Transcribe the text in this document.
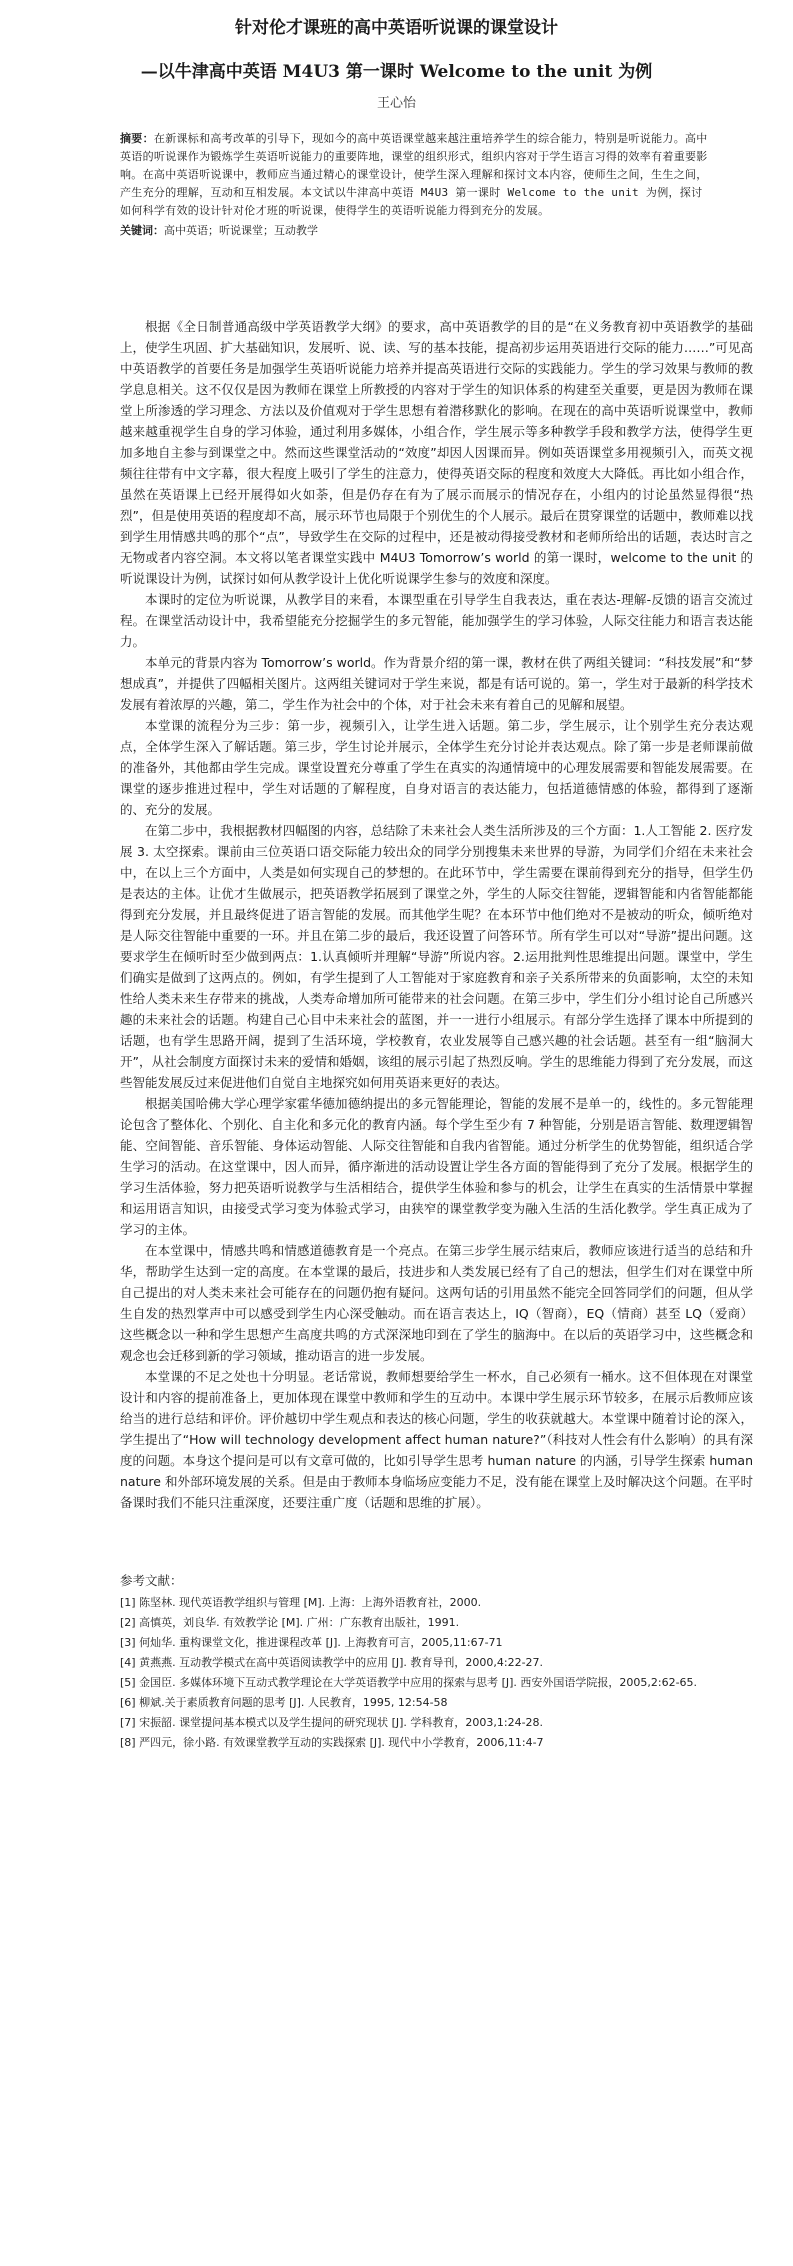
针对伦才课班的高中英语听说课的课堂设计
—以牛津高中英语 M4U3 第一课时 Welcome to the unit 为例
王心怡
摘要：在新课标和高考改革的引导下，现如今的高中英语课堂越来越注重培养学生的综合能力，特别是听说能力。高中英语的听说课作为锻炼学生英语听说能力的重要阵地，课堂的组织形式，组织内容对于学生语言习得的效率有着重要影响。在高中英语听说课中，教师应当通过精心的课堂设计，使学生深入理解和探讨文本内容，使师生之间，生生之间，产生充分的理解，互动和互相发展。本文试以牛津高中英语 M4U3 第一课时 Welcome to the unit 为例，探讨如何科学有效的设计针对伦才班的听说课，使得学生的英语听说能力得到充分的发展。
关键词：高中英语；听说课堂；互动教学

根据《全日制普通高级中学英语教学大纲》的要求，高中英语教学的目的是“在义务教育初中英语教学的基础上，使学生巩固、扩大基础知识，发展听、说、读、写的基本技能，提高初步运用英语进行交际的能力……”可见高中英语教学的首要任务是加强学生英语听说能力培养并提高英语进行交际的实践能力。学生的学习效果与教师的教学息息相关。这不仅仅是因为教师在课堂上所教授的内容对于学生的知识体系的构建至关重要，更是因为教师在课堂上所渗透的学习理念、方法以及价值观对于学生思想有着潜移默化的影响。在现在的高中英语听说课堂中，教师越来越重视学生自身的学习体验，通过利用多媒体，小组合作，学生展示等多种教学手段和教学方法，使得学生更加多地自主参与到课堂之中。然而这些课堂活动的“效度”却因人因课而异。例如英语课堂多用视频引入，而英文视频往往带有中文字幕，很大程度上吸引了学生的注意力，使得英语交际的程度和效度大大降低。再比如小组合作，虽然在英语课上已经开展得如火如荼，但是仍存在有为了展示而展示的情况存在，小组内的讨论虽然显得很“热烈”，但是使用英语的程度却不高，展示环节也局限于个别优生的个人展示。最后在贯穿课堂的话题中，教师难以找到学生用情感共鸣的那个“点”，导致学生在交际的过程中，还是被动得接受教材和老师所给出的话题，表达时言之无物或者内容空洞。本文将以笔者课堂实践中 M4U3 Tomorrow’s world 的第一课时，welcome to the unit 的听说课设计为例，试探讨如何从教学设计上优化听说课学生参与的效度和深度。

本课时的定位为听说课，从教学目的来看，本课型重在引导学生自我表达，重在表达-理解-反馈的语言交流过程。在课堂活动设计中，我希望能充分挖掘学生的多元智能，能加强学生的学习体验，人际交往能力和语言表达能力。

本单元的背景内容为 Tomorrow’s world。作为背景介绍的第一课，教材在供了两组关键词：“科技发展”和“梦想成真”，并提供了四幅相关图片。这两组关键词对于学生来说，都是有话可说的。第一，学生对于最新的科学技术发展有着浓厚的兴趣，第二，学生作为社会中的个体，对于社会未来有着自己的见解和展望。

本堂课的流程分为三步：第一步，视频引入，让学生进入话题。第二步，学生展示，让个别学生充分表达观点，全体学生深入了解话题。第三步，学生讨论并展示，全体学生充分讨论并表达观点。除了第一步是老师课前做的准备外，其他都由学生完成。课堂设置充分尊重了学生在真实的沟通情境中的心理发展需要和智能发展需要。在课堂的逐步推进过程中，学生对话题的了解程度，自身对语言的表达能力，包括道德情感的体验，都得到了逐渐的、充分的发展。

在第二步中，我根据教材四幅图的内容，总结除了未来社会人类生活所涉及的三个方面：1.人工智能 2. 医疗发展 3. 太空探索。课前由三位英语口语交际能力较出众的同学分别搜集未来世界的导游，为同学们介绍在未来社会中，在以上三个方面中，人类是如何实现自己的梦想的。在此环节中，学生需要在课前得到充分的指导，但学生仍是表达的主体。让优才生做展示，把英语教学拓展到了课堂之外，学生的人际交往智能，逻辑智能和内省智能都能得到充分发展，并且最终促进了语言智能的发展。而其他学生呢？在本环节中他们绝对不是被动的听众，倾听绝对是人际交往智能中重要的一环。并且在第二步的最后，我还设置了问答环节。所有学生可以对“导游”提出问题。这要求学生在倾听时至少做到两点：1.认真倾听并理解“导游”所说内容。2.运用批判性思维提出问题。课堂中，学生们确实是做到了这两点的。例如，有学生提到了人工智能对于家庭教育和亲子关系所带来的负面影响，太空的未知性给人类未来生存带来的挑战，人类寿命增加所可能带来的社会问题。在第三步中，学生们分小组讨论自己所感兴趣的未来社会的话题。构建自己心目中未来社会的蓝图，并一一进行小组展示。有部分学生选择了课本中所提到的话题，也有学生思路开阔，提到了生活环境，学校教育，农业发展等自己感兴趣的社会话题。甚至有一组“脑洞大开”，从社会制度方面探讨未来的爱情和婚姻，该组的展示引起了热烈反响。学生的思维能力得到了充分发展，而这些智能发展反过来促进他们自觉自主地探究如何用英语来更好的表达。

根据美国哈佛大学心理学家霍华德加德纳提出的多元智能理论，智能的发展不是单一的，线性的。多元智能理论包含了整体化、个别化、自主化和多元化的教育内涵。每个学生至少有 7 种智能，分别是语言智能、数理逻辑智能、空间智能、音乐智能、身体运动智能、人际交往智能和自我内省智能。通过分析学生的优势智能，组织适合学生学习的活动。在这堂课中，因人而异，循序渐进的活动设置让学生各方面的智能得到了充分了发展。根据学生的学习生活体验，努力把英语听说教学与生活相结合，提供学生体验和参与的机会，让学生在真实的生活情景中掌握和运用语言知识，由接受式学习变为体验式学习，由狭窄的课堂教学变为融入生活的生活化教学。学生真正成为了学习的主体。

在本堂课中，情感共鸣和情感道德教育是一个亮点。在第三步学生展示结束后，教师应该进行适当的总结和升华，帮助学生达到一定的高度。在本堂课的最后，技进步和人类发展已经有了自己的想法，但学生们对在课堂中所自己提出的对人类未来社会可能存在的问题仍抱有疑问。这两句话的引用虽然不能完全回答同学们的问题，但从学生自发的热烈掌声中可以感受到学生内心深受触动。而在语言表达上，IQ（智商），EQ（情商）甚至 LQ（爱商）这些概念以一种和学生思想产生高度共鸣的方式深深地印到在了学生的脑海中。在以后的英语学习中，这些概念和观念也会迁移到新的学习领域，推动语言的进一步发展。

本堂课的不足之处也十分明显。老话常说，教师想要给学生一杯水，自己必须有一桶水。这不但体现在对课堂设计和内容的提前准备上，更加体现在课堂中教师和学生的互动中。本课中学生展示环节较多，在展示后教师应该给当的进行总结和评价。评价越切中学生观点和表达的核心问题，学生的收获就越大。本堂课中随着讨论的深入，学生提出了“How will technology development affect human nature?”（科技对人性会有什么影响）的具有深度的问题。本身这个提问是可以有文章可做的，比如引导学生思考 human nature 的内涵，引导学生探索 human nature 和外部环境发展的关系。但是由于教师本身临场应变能力不足，没有能在课堂上及时解决这个问题。在平时备课时我们不能只注重深度，还要注重广度（话题和思维的扩展）。

参考文献：
[1] 陈坚林. 现代英语教学组织与管理 [M]. 上海：上海外语教育社，2000.
[2] 高慎英，刘良华. 有效教学论 [M]. 广州：广东教育出版社，1991.
[3] 何灿华. 重构课堂文化，推进课程改革 [J]. 上海教育可言，2005,11:67-71
[4] 黄燕燕. 互动教学模式在高中英语阅读教学中的应用 [J]. 教育导刊，2000,4:22-27.
[5] 金国臣. 多媒体环境下互动式教学理论在大学英语教学中应用的探索与思考 [J]. 西安外国语学院报，2005,2:62-65.
[6] 柳斌.关于素质教育问题的思考 [J]. 人民教育，1995, 12:54-58
[7] 宋振韶. 课堂提问基本模式以及学生提问的研究现状 [J]. 学科教育，2003,1:24-28.
[8] 严四元，徐小路. 有效课堂教学互动的实践探索 [J]. 现代中小学教育，2006,11:4-7
